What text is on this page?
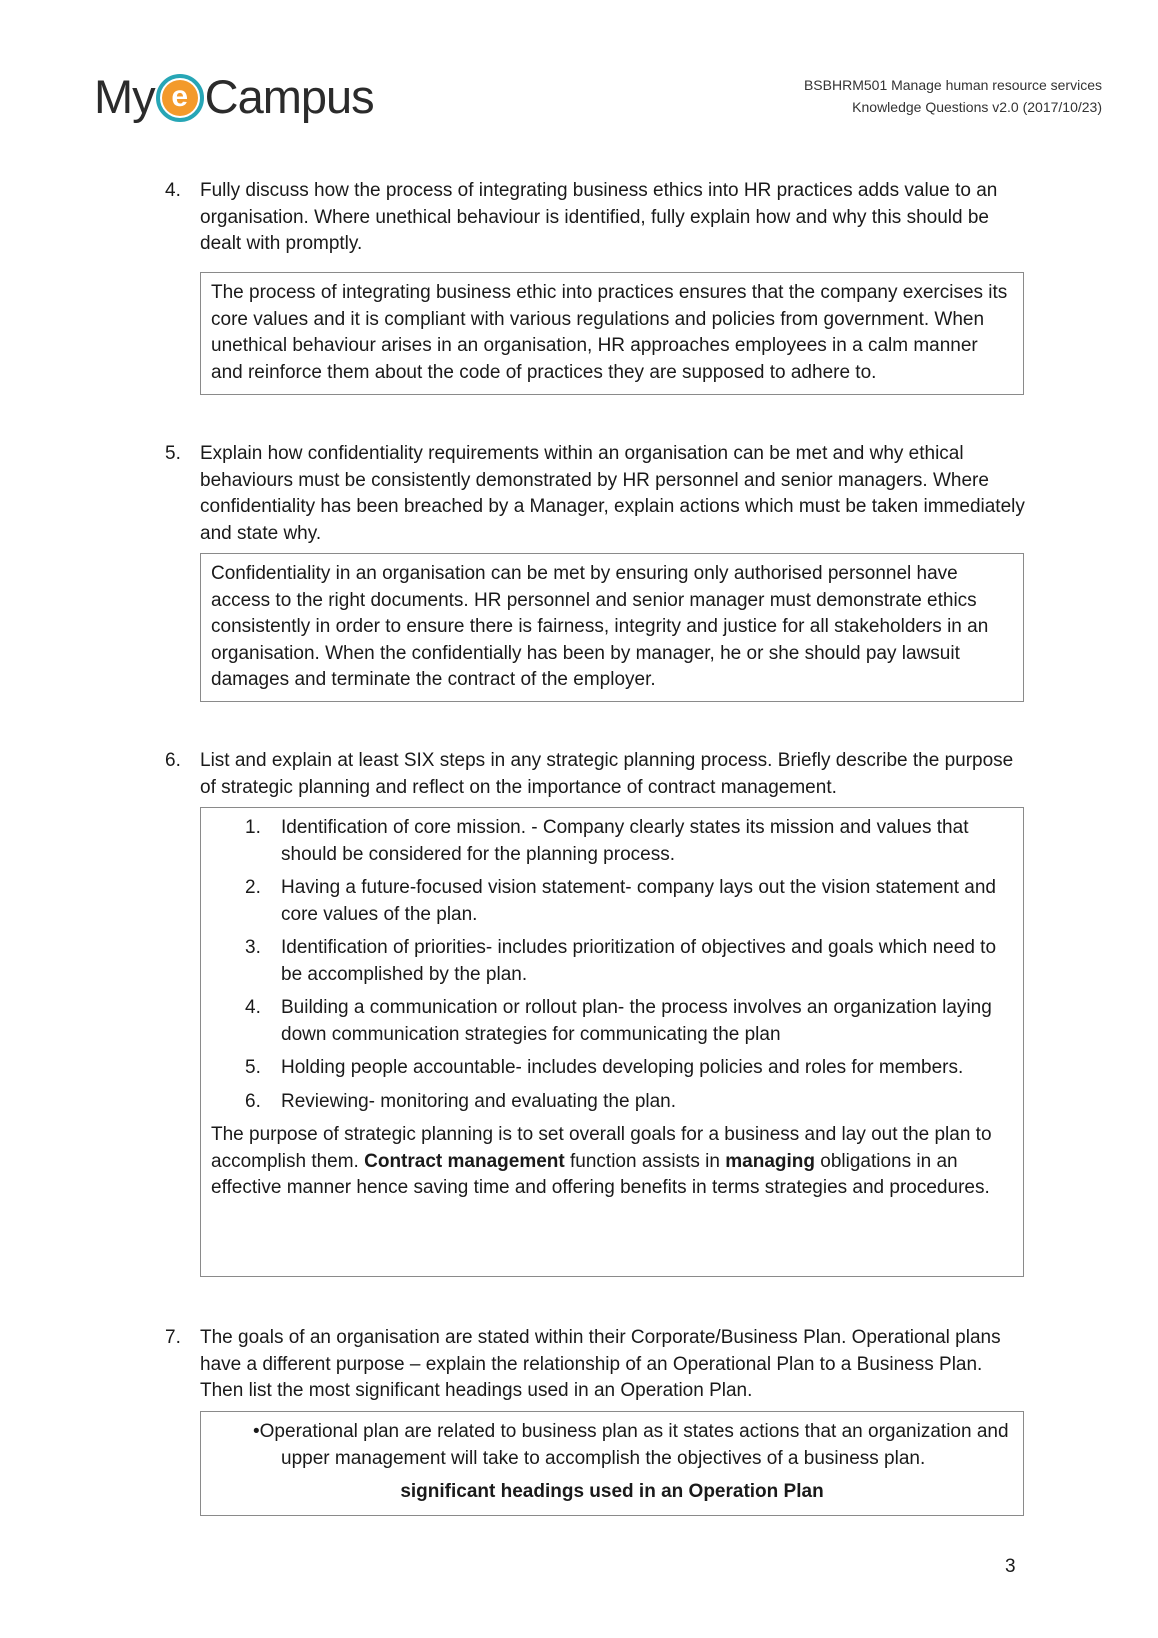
My e Campus	BSBHRM501 Manage human resource services
Knowledge Questions v2.0 (2017/10/23)
4. Fully discuss how the process of integrating business ethics into HR practices adds value to an organisation. Where unethical behaviour is identified, fully explain how and why this should be dealt with promptly.
The process of integrating business ethic into practices ensures that the company exercises its core values and it is compliant with various regulations and policies from government. When unethical behaviour arises in an organisation, HR approaches employees in a calm manner and reinforce them about the code of practices they are supposed to adhere to.
5. Explain how confidentiality requirements within an organisation can be met and why ethical behaviours must be consistently demonstrated by HR personnel and senior managers. Where confidentiality has been breached by a Manager, explain actions which must be taken immediately and state why.
Confidentiality in an organisation can be met by ensuring only authorised personnel have access to the right documents. HR personnel and senior manager must demonstrate ethics consistently in order to ensure there is fairness, integrity and justice for all stakeholders in an organisation. When the confidentially has been by manager, he or she should pay lawsuit damages and terminate the contract of the employer.
6. List and explain at least SIX steps in any strategic planning process. Briefly describe the purpose of strategic planning and reflect on the importance of contract management.
1. Identification of core mission. - Company clearly states its mission and values that should be considered for the planning process.
2. Having a future-focused vision statement- company lays out the vision statement and core values of the plan.
3. Identification of priorities- includes prioritization of objectives and goals which need to be accomplished by the plan.
4. Building a communication or rollout plan- the process involves an organization laying down communication strategies for communicating the plan
5. Holding people accountable- includes developing policies and roles for members.
6. Reviewing- monitoring and evaluating the plan.
The purpose of strategic planning is to set overall goals for a business and lay out the plan to accomplish them. Contract management function assists in managing obligations in an effective manner hence saving time and offering benefits in terms strategies and procedures.
7. The goals of an organisation are stated within their Corporate/Business Plan. Operational plans have a different purpose – explain the relationship of an Operational Plan to a Business Plan. Then list the most significant headings used in an Operation Plan.
•Operational plan are related to business plan as it states actions that an organization and upper management will take to accomplish the objectives of a business plan.
significant headings used in an Operation Plan
3
